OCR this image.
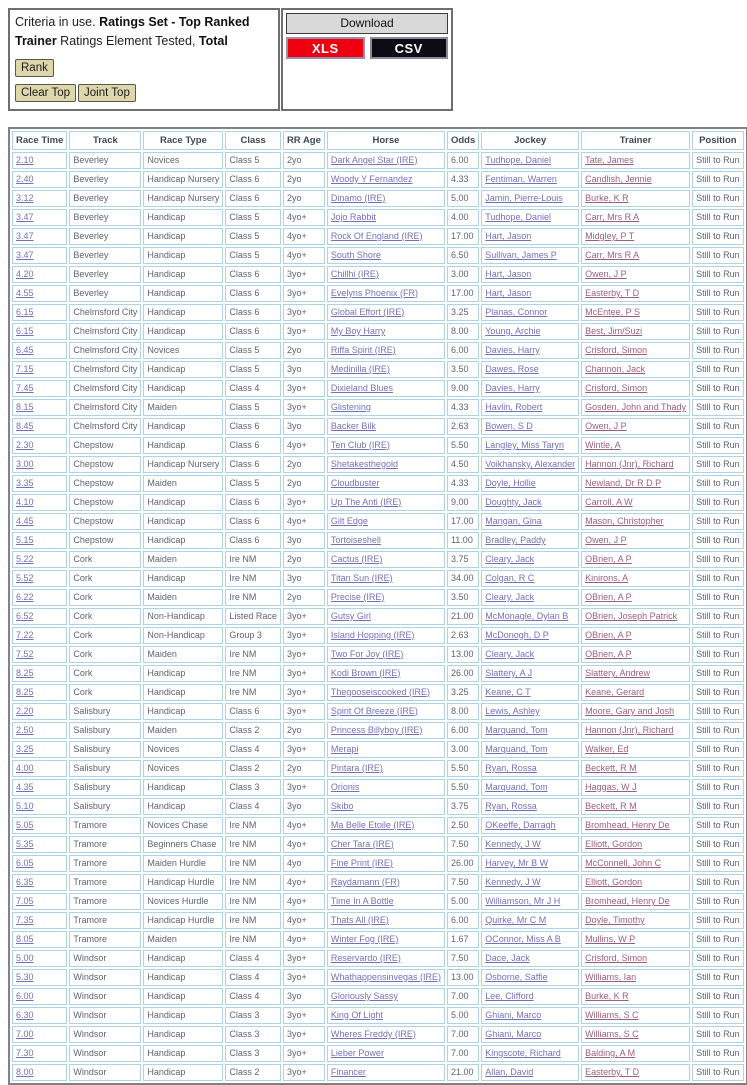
Criteria in use. Ratings Set - Top Ranked Trainer Ratings Element Tested, Total
Rank
Clear Top Joint Top
Download
XLS	CSV
Race Time	Track	Race Type	Class	RR Age	Horse	Odds	Jockey	Trainer	Position
2.10	Beverley	Novices	Class 5	2yo	Dark Angel Star (IRE)	6.00	Tudhope, Daniel	Tate, James	Still to Run
2.40	Beverley	Handicap Nursery	Class 6	2yo	Woody Y Fernandez	4.33	Fentiman, Warren	Candlish, Jennie	Still to Run
3.12	Beverley	Handicap Nursery	Class 6	2yo	Dinamo (IRE)	5.00	Jamin, Pierre-Louis	Burke, K R	Still to Run
3.47	Beverley	Handicap	Class 5	4yo+	Jojo Rabbit	4.00	Tudhope, Daniel	Carr, Mrs R A	Still to Run
3.47	Beverley	Handicap	Class 5	4yo+	Rock Of England (IRE)	17.00	Hart, Jason	Midgley, P T	Still to Run
3.47	Beverley	Handicap	Class 5	4yo+	South Shore	6.50	Sullivan, James P	Carr, Mrs R A	Still to Run
4.20	Beverley	Handicap	Class 6	3yo+	Chillhi (IRE)	3.00	Hart, Jason	Owen, J P	Still to Run
4.55	Beverley	Handicap	Class 6	3yo+	Evelyns Phoenix (FR)	17.00	Hart, Jason	Easterby, T D	Still to Run
6.15	Chelmsford City	Handicap	Class 6	3yo+	Global Effort (IRE)	3.25	Planas, Connor	McEntee, P S	Still to Run
6.15	Chelmsford City	Handicap	Class 6	3yo+	My Boy Harry	8.00	Young, Archie	Best, Jim/Suzi	Still to Run
6.45	Chelmsford City	Novices	Class 5	2yo	Riffa Spirit (IRE)	6.00	Davies, Harry	Crisford, Simon	Still to Run
7.15	Chelmsford City	Handicap	Class 5	3yo	Medinilla (IRE)	3.50	Dawes, Rose	Channon, Jack	Still to Run
7.45	Chelmsford City	Handicap	Class 4	3yo+	Dixieland Blues	9.00	Davies, Harry	Crisford, Simon	Still to Run
8.15	Chelmsford City	Maiden	Class 5	3yo+	Glistening	4.33	Havlin, Robert	Gosden, John and Thady	Still to Run
8.45	Chelmsford City	Handicap	Class 6	3yo	Backer Bilk	2.63	Bowen, S D	Owen, J P	Still to Run
2.30	Chepstow	Handicap	Class 6	4yo+	Ten Club (IRE)	5.50	Langley, Miss Taryn	Wintle, A	Still to Run
3.00	Chepstow	Handicap Nursery	Class 6	2yo	Shetakesthegold	4.50	Voikhansky, Alexander	Hannon (Jnr), Richard	Still to Run
3.35	Chepstow	Maiden	Class 5	2yo	Cloudbuster	4.33	Doyle, Hollie	Newland, Dr R D P	Still to Run
4.10	Chepstow	Handicap	Class 6	3yo+	Up The Anti (IRE)	9.00	Doughty, Jack	Carroll, A W	Still to Run
4.45	Chepstow	Handicap	Class 6	4yo+	Gilt Edge	17.00	Mangan, Gina	Mason, Christopher	Still to Run
5.15	Chepstow	Handicap	Class 6	3yo	Tortoiseshell	11.00	Bradley, Paddy	Owen, J P	Still to Run
5.22	Cork	Maiden	Ire NM	2yo	Cactus (IRE)	3.75	Cleary, Jack	OBrien, A P	Still to Run
5.52	Cork	Handicap	Ire NM	3yo	Titan Sun (IRE)	34.00	Colgan, R C	Kinirons, A	Still to Run
6.22	Cork	Maiden	Ire NM	2yo	Precise (IRE)	3.50	Cleary, Jack	OBrien, A P	Still to Run
6.52	Cork	Non-Handicap	Listed Race	3yo+	Gutsy Girl	21.00	McMonagle, Dylan B	OBrien, Joseph Patrick	Still to Run
7.22	Cork	Non-Handicap	Group 3	3yo+	Island Hopping (IRE)	2.63	McDonogh, D P	OBrien, A P	Still to Run
7.52	Cork	Maiden	Ire NM	3yo+	Two For Joy (IRE)	13.00	Cleary, Jack	OBrien, A P	Still to Run
8.25	Cork	Handicap	Ire NM	3yo+	Kodi Brown (IRE)	26.00	Slattery, A J	Slattery, Andrew	Still to Run
8.25	Cork	Handicap	Ire NM	3yo+	Thegooseiscooked (IRE)	3.25	Keane, C T	Keane, Gerard	Still to Run
2.20	Salisbury	Handicap	Class 6	3yo+	Spirit Of Breeze (IRE)	8.00	Lewis, Ashley	Moore, Gary and Josh	Still to Run
2.50	Salisbury	Maiden	Class 2	2yo	Princess Billyboy (IRE)	6.00	Marquand, Tom	Hannon (Jnr), Richard	Still to Run
3.25	Salisbury	Novices	Class 4	3yo+	Merapi	3.00	Marquand, Tom	Walker, Ed	Still to Run
4.00	Salisbury	Novices	Class 2	2yo	Pintara (IRE)	5.50	Ryan, Rossa	Beckett, R M	Still to Run
4.35	Salisbury	Handicap	Class 3	3yo+	Orionis	5.50	Marquand, Tom	Haggas, W J	Still to Run
5.10	Salisbury	Handicap	Class 4	3yo	Skibo	3.75	Ryan, Rossa	Beckett, R M	Still to Run
5.05	Tramore	Novices Chase	Ire NM	4yo+	Ma Belle Etoile (IRE)	2.50	OKeeffe, Darragh	Bromhead, Henry De	Still to Run
5.35	Tramore	Beginners Chase	Ire NM	4yo+	Cher Tara (IRE)	7.50	Kennedy, J W	Elliott, Gordon	Still to Run
6.05	Tramore	Maiden Hurdle	Ire NM	4yo	Fine Print (IRE)	26.00	Harvey, Mr B W	McConnell, John C	Still to Run
6.35	Tramore	Handicap Hurdle	Ire NM	4yo+	Raydamann (FR)	7.50	Kennedy, J W	Elliott, Gordon	Still to Run
7.05	Tramore	Novices Hurdle	Ire NM	4yo+	Time In A Bottle	5.00	Williamson, Mr J H	Bromhead, Henry De	Still to Run
7.35	Tramore	Handicap Hurdle	Ire NM	4yo+	Thats All (IRE)	6.00	Quirke, Mr C M	Doyle, Timothy	Still to Run
8.05	Tramore	Maiden	Ire NM	4yo+	Winter Fog (IRE)	1.67	OConnor, Miss A B	Mullins, W P	Still to Run
5.00	Windsor	Handicap	Class 4	3yo+	Reservardo (IRE)	7.50	Dace, Jack	Crisford, Simon	Still to Run
5.30	Windsor	Handicap	Class 4	3yo+	Whathappensinvegas (IRE)	13.00	Osborne, Saffie	Williams, Ian	Still to Run
6.00	Windsor	Handicap	Class 4	3yo	Gloriously Sassy	7.00	Lee, Clifford	Burke, K R	Still to Run
6.30	Windsor	Handicap	Class 3	3yo+	King Of Light	5.00	Ghiani, Marco	Williams, S C	Still to Run
7.00	Windsor	Handicap	Class 3	3yo+	Wheres Freddy (IRE)	7.00	Ghiani, Marco	Williams, S C	Still to Run
7.30	Windsor	Handicap	Class 3	3yo+	Lieber Power	7.00	Kingscote, Richard	Balding, A M	Still to Run
8.00	Windsor	Handicap	Class 2	3yo+	Financer	21.00	Allan, David	Easterby, T D	Still to Run
